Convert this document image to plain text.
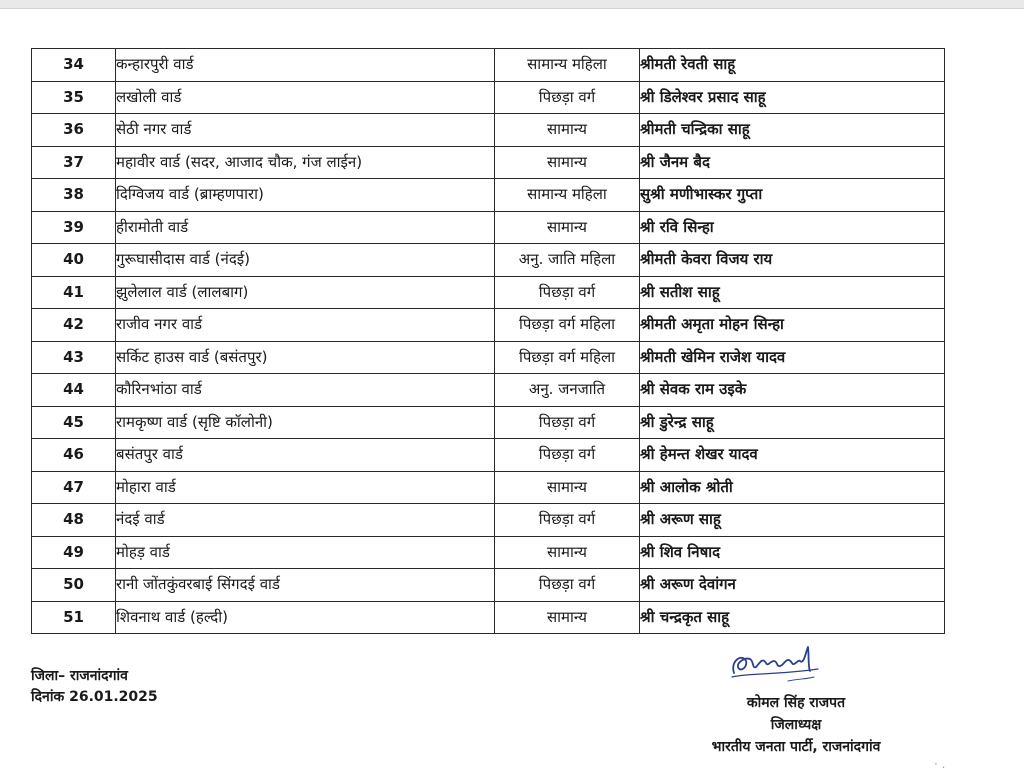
34	कन्हारपुरी वार्ड	सामान्य महिला	श्रीमती रेवती साहू
35	लखोली वार्ड	पिछड़ा वर्ग	श्री डिलेश्वर प्रसाद साहू
36	सेठी नगर वार्ड	सामान्य	श्रीमती चन्द्रिका साहू
37	महावीर वार्ड (सदर, आजाद चौक, गंज लाईन)	सामान्य	श्री जैनम बैद
38	दिग्विजय वार्ड (ब्राम्हणपारा)	सामान्य महिला	सुश्री मणीभास्कर गुप्ता
39	हीरामोती वार्ड	सामान्य	श्री रवि सिन्हा
40	गुरूघासीदास वार्ड (नंदई)	अनु. जाति महिला	श्रीमती केवरा विजय राय
41	झुलेलाल वार्ड (लालबाग)	पिछड़ा वर्ग	श्री सतीश साहू
42	राजीव नगर वार्ड	पिछड़ा वर्ग महिला	श्रीमती अमृता मोहन सिन्हा
43	सर्किट हाउस वार्ड (बसंतपुर)	पिछड़ा वर्ग महिला	श्रीमती खेमिन राजेश यादव
44	कौरिनभांठा वार्ड	अनु. जनजाति	श्री सेवक राम उइके
45	रामकृष्ण वार्ड (सृष्टि कॉलोनी)	पिछड़ा वर्ग	श्री डुरेन्द्र साहू
46	बसंतपुर वार्ड	पिछड़ा वर्ग	श्री हेमन्त शेखर यादव
47	मोहारा वार्ड	सामान्य	श्री आलोक श्रोती
48	नंदई वार्ड	पिछड़ा वर्ग	श्री अरूण साहू
49	मोहड़ वार्ड	सामान्य	श्री शिव निषाद
50	रानी जोंतकुंवरबाई सिंगदई वार्ड	पिछड़ा वर्ग	श्री अरूण देवांगन
51	शिवनाथ वार्ड (हल्दी)	सामान्य	श्री चन्द्रकृत साहू
जिला– राजनांदगांव
दिनांक 26.01.2025	कोमल सिंह राजपत
जिलाध्यक्ष
भारतीय जनता पार्टी, राजनांदगांव
· .
